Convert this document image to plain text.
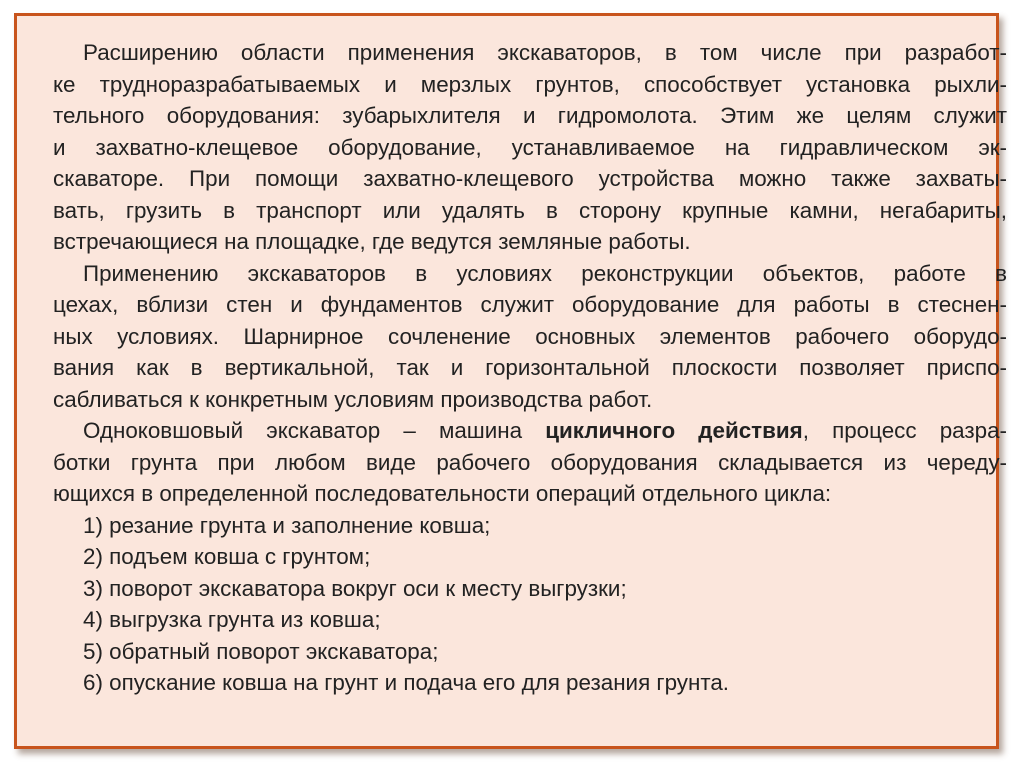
Расширению области применения экскаваторов, в том числе при разработ-
ке трудноразрабатываемых и мерзлых грунтов, способствует установка рыхли-
тельного оборудования: зубарыхлителя и гидромолота. Этим же целям служит
и захватно-клещевое оборудование, устанавливаемое на гидравлическом эк-
скаваторе. При помощи захватно-клещевого устройства можно также захваты-
вать, грузить в транспорт или удалять в сторону крупные камни, негабариты,
встречающиеся на площадке, где ведутся земляные работы.
Применению экскаваторов в условиях реконструкции объектов, работе в
цехах, вблизи стен и фундаментов служит оборудование для работы в стеснен-
ных условиях. Шарнирное сочленение основных элементов рабочего оборудо-
вания как в вертикальной, так и горизонтальной плоскости позволяет приспо-
сабливаться к конкретным условиям производства работ.
Одноковшовый экскаватор – машина цикличного действия, процесс разра-
ботки грунта при любом виде рабочего оборудования складывается из череду-
ющихся в определенной последовательности операций отдельного цикла:
1) резание грунта и заполнение ковша;
2) подъем ковша с грунтом;
3) поворот экскаватора вокруг оси к месту выгрузки;
4) выгрузка грунта из ковша;
5) обратный поворот экскаватора;
6) опускание ковша на грунт и подача его для резания грунта.
